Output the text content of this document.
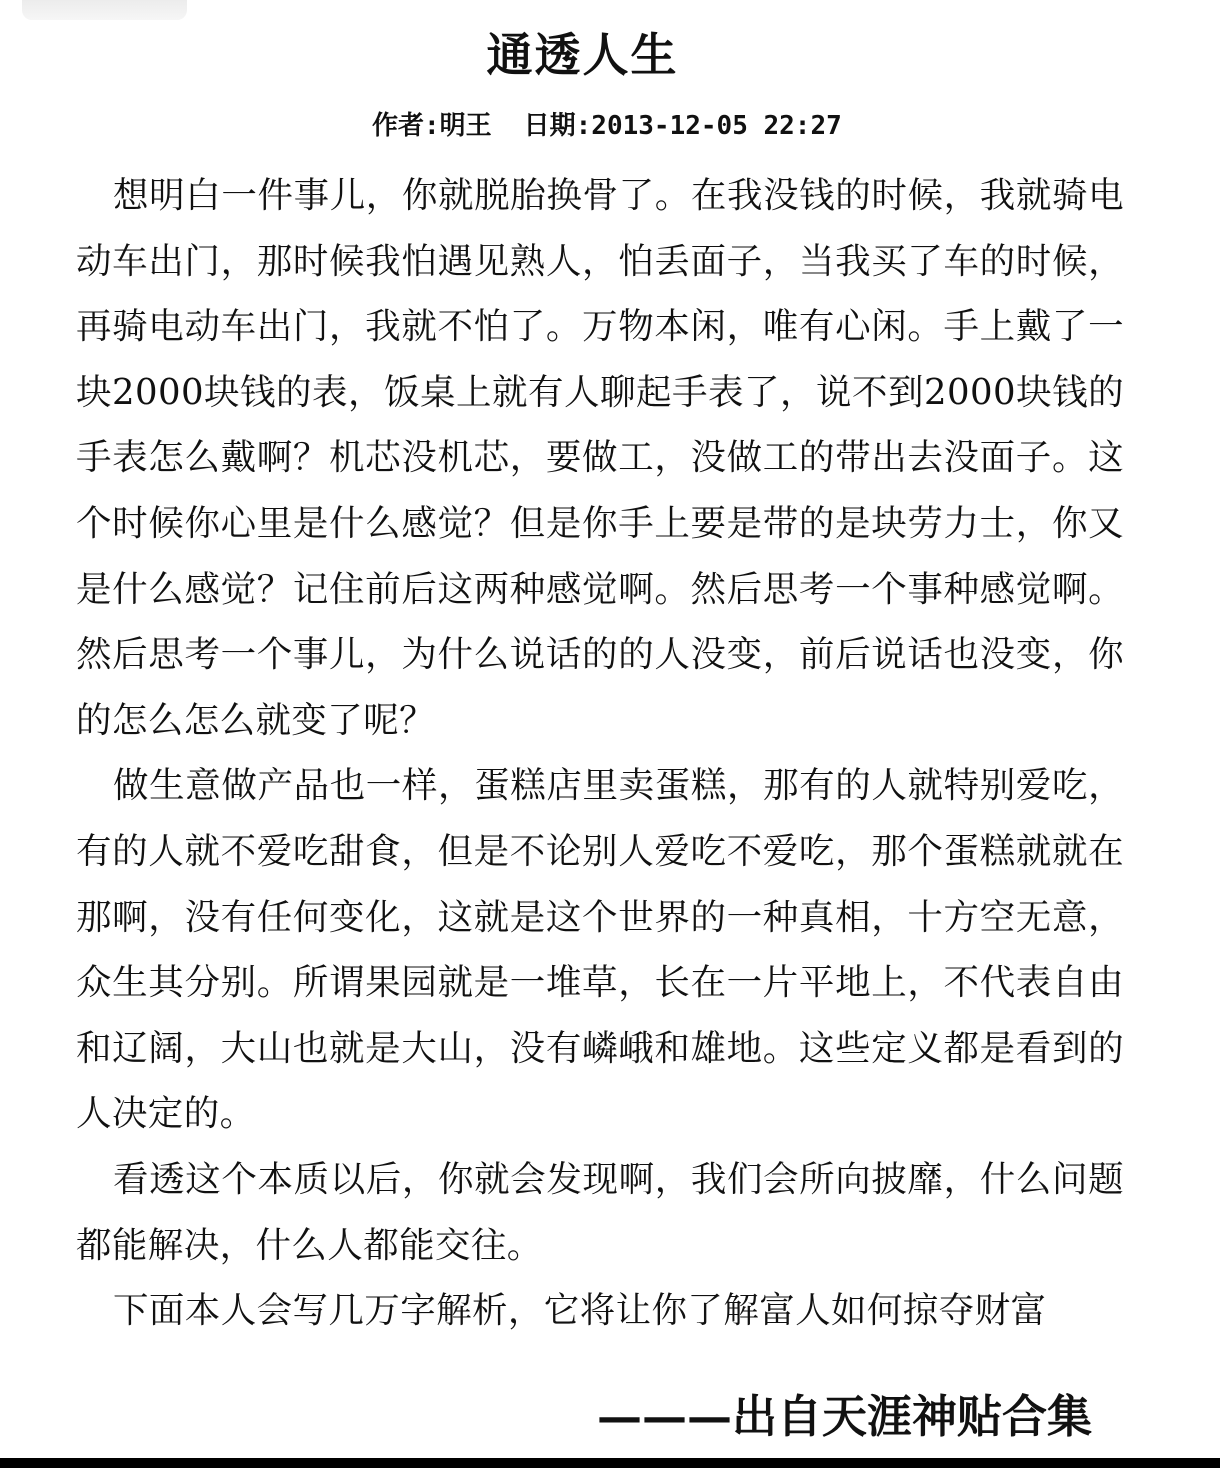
通透人生
作者:明王 日期:2013-12-05 22:27

想明白一件事儿，你就脱胎换骨了。在我没钱的时候，我就骑电动车出门，那时候我怕遇见熟人，怕丢面子，当我买了车的时候，再骑电动车出门，我就不怕了。万物本闲，唯有心闲。手上戴了一块2000块钱的表，饭桌上就有人聊起手表了，说不到2000块钱的手表怎么戴啊？机芯没机芯，要做工，没做工的带出去没面子。这个时候你心里是什么感觉？但是你手上要是带的是块劳力士，你又是什么感觉？记住前后这两种感觉啊。然后思考一个事种感觉啊。然后思考一个事儿，为什么说话的的人没变，前后说话也没变，你的怎么怎么就变了呢？

做生意做产品也一样，蛋糕店里卖蛋糕，那有的人就特别爱吃，有的人就不爱吃甜食，但是不论别人爱吃不爱吃，那个蛋糕就就在那啊，没有任何变化，这就是这个世界的一种真相，十方空无意，众生其分别。所谓果园就是一堆草，长在一片平地上，不代表自由和辽阔，大山也就是大山，没有嶙峨和雄地。这些定义都是看到的人决定的。

看透这个本质以后，你就会发现啊，我们会所向披靡，什么问题都能解决，什么人都能交往。

下面本人会写几万字解析，它将让你了解富人如何掠夺财富

———出自天涯神贴合集
